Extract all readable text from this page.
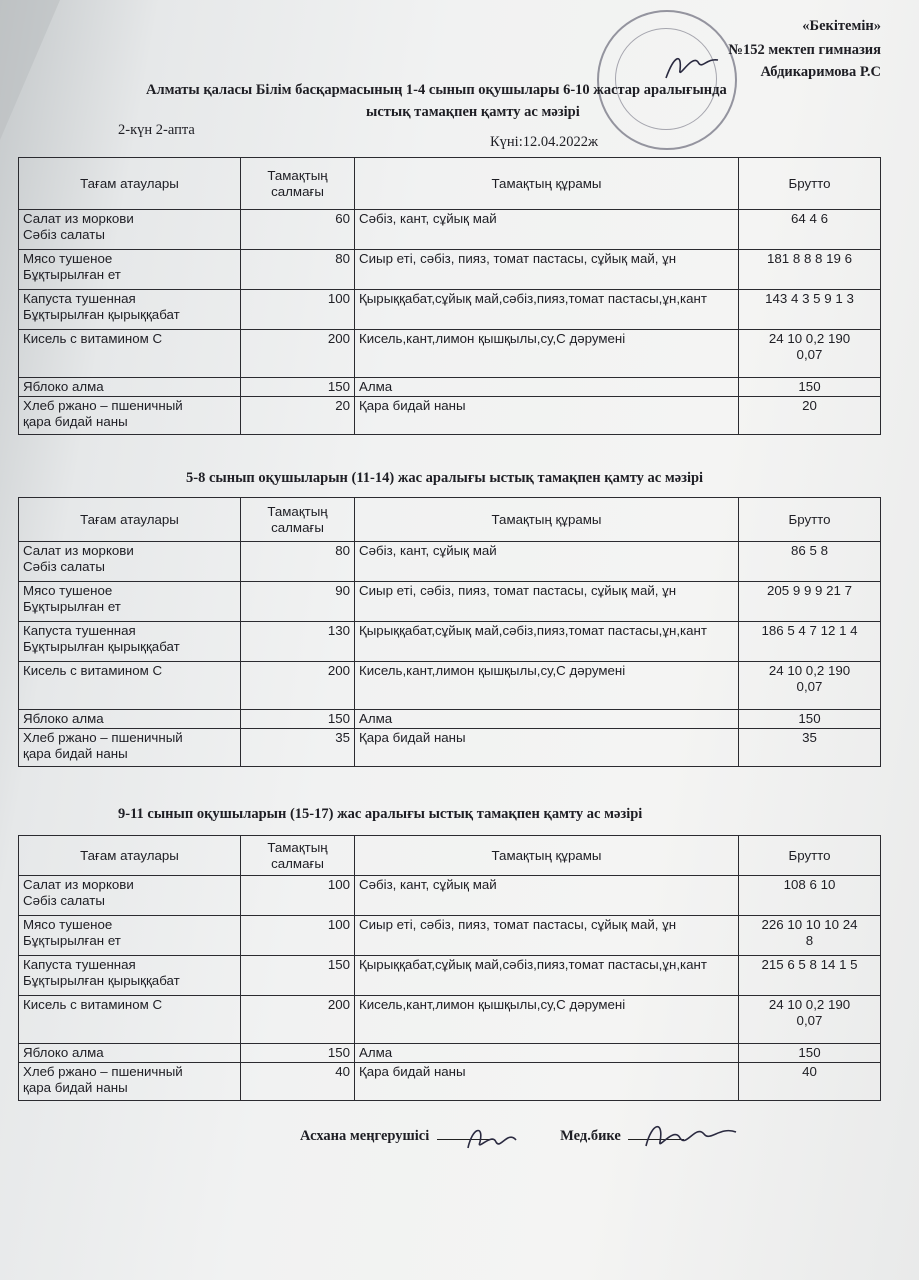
«Бекітемін»
№152 мектеп гимназия
Абдикаримова Р.С
Алматы қаласы Білім басқармасының 1-4 сынып оқушылары 6-10 жастар аралығында
ыстық тамақпен қамту ас мәзірі
2-күн 2-апта
Күні:12.04.2022ж
Тағам атаулары	Тамақтың салмағы	Тамақтың құрамы	Брутто
Салат из моркови
Сәбіз салаты	60	Сәбіз, кант, сұйық май	64 4 6
Мясо тушеное
Бұқтырылған ет	80	Сиыр еті, сәбіз, пияз, томат пастасы, сұйық май, ұн	181 8 8 8 19 6
Капуста тушенная
Бұқтырылған қырыққабат	100	Қырыққабат,сұйық май,сәбіз,пияз,томат пастасы,ұн,кант	143 4 3 5 9 1 3
Кисель с витамином С	200	Кисель,кант,лимон қышқылы,су,С дәрумені	24 10 0,2 190
0,07
Яблоко алма	150	Алма	150
Хлеб ржано – пшеничный
қара бидай наны	20	Қара бидай наны	20
5-8 сынып оқушыларын (11-14) жас аралығы ыстық тамақпен қамту ас мәзірі
Тағам атаулары	Тамақтың салмағы	Тамақтың құрамы	Брутто
Салат из моркови
Сәбіз салаты	80	Сәбіз, кант, сұйық май	86 5 8
Мясо тушеное
Бұқтырылған ет	90	Сиыр еті, сәбіз, пияз, томат пастасы, сұйық май, ұн	205 9 9 9 21 7
Капуста тушенная
Бұқтырылған қырыққабат	130	Қырыққабат,сұйық май,сәбіз,пияз,томат пастасы,ұн,кант	186 5 4 7 12 1 4
Кисель с витамином С	200	Кисель,кант,лимон қышқылы,су,С дәрумені	24 10 0,2 190
0,07
Яблоко алма	150	Алма	150
Хлеб ржано – пшеничный
қара бидай наны	35	Қара бидай наны	35
9-11 сынып оқушыларын (15-17) жас аралығы ыстық тамақпен қамту ас мәзірі
Тағам атаулары	Тамақтың салмағы	Тамақтың құрамы	Брутто
Салат из моркови
Сәбіз салаты	100	Сәбіз, кант, сұйық май	108 6 10
Мясо тушеное
Бұқтырылған ет	100	Сиыр еті, сәбіз, пияз, томат пастасы, сұйық май, ұн	226 10 10 10 24
8
Капуста тушенная
Бұқтырылған қырыққабат	150	Қырыққабат,сұйық май,сәбіз,пияз,томат пастасы,ұн,кант	215 6 5 8 14 1 5
Кисель с витамином С	200	Кисель,кант,лимон қышқылы,су,С дәрумені	24 10 0,2 190
0,07
Яблоко алма	150	Алма	150
Хлеб ржано – пшеничный
қара бидай наны	40	Қара бидай наны	40
Асхана меңгерушісі	Мед.бике
